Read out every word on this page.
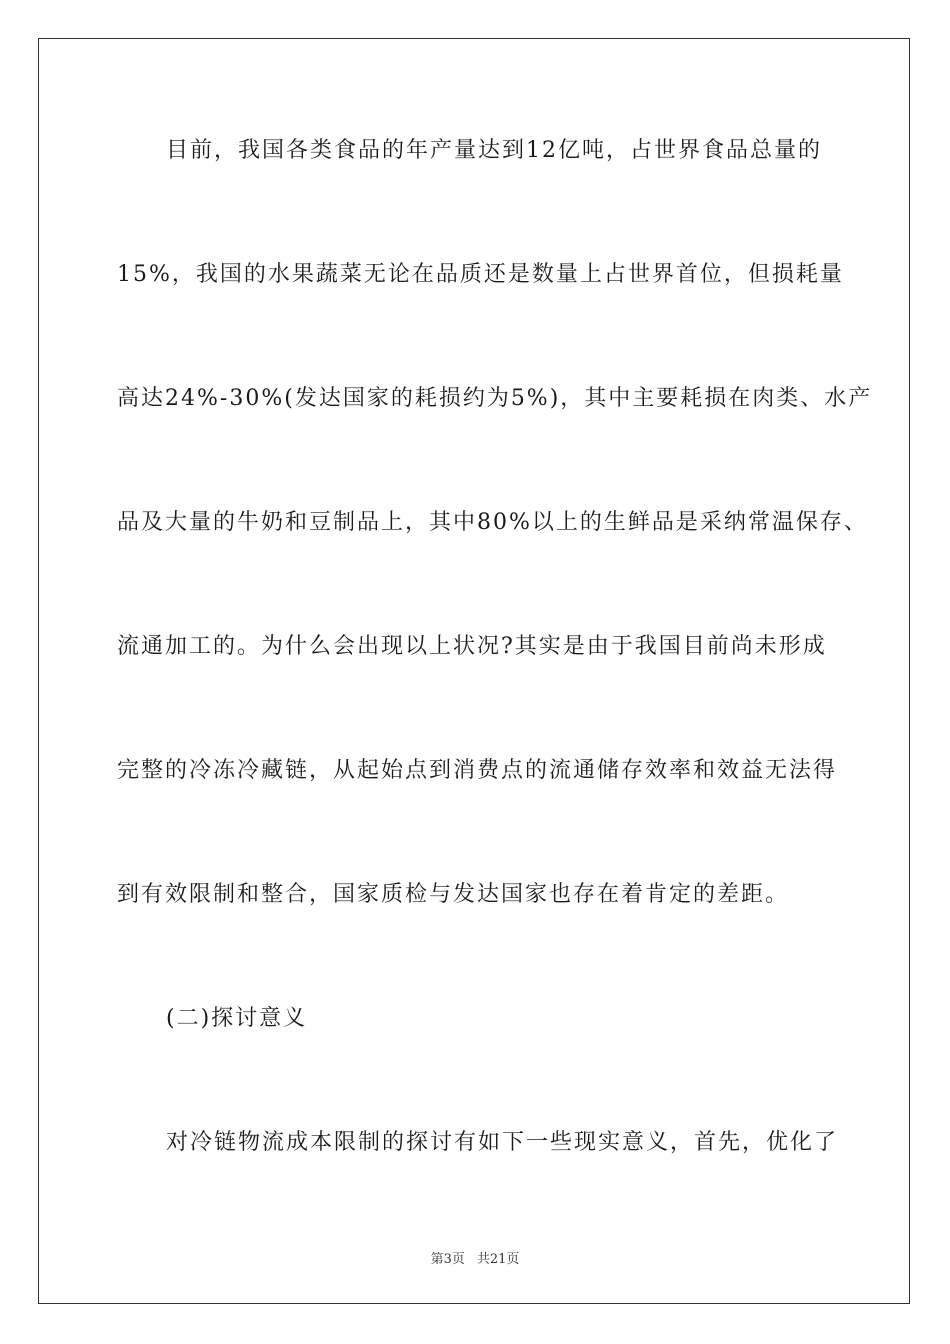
目前，我国各类食品的年产量达到12亿吨，占世界食品总量的
15%，我国的水果蔬菜无论在品质还是数量上占世界首位，但损耗量
高达24%-30%(发达国家的耗损约为5%)，其中主要耗损在肉类、水产
品及大量的牛奶和豆制品上，其中80%以上的生鲜品是采纳常温保存、
流通加工的。为什么会出现以上状况?其实是由于我国目前尚未形成
完整的冷冻冷藏链，从起始点到消费点的流通储存效率和效益无法得
到有效限制和整合，国家质检与发达国家也存在着肯定的差距。
(二)探讨意义
对冷链物流成本限制的探讨有如下一些现实意义，首先，优化了
第3页 共21页
